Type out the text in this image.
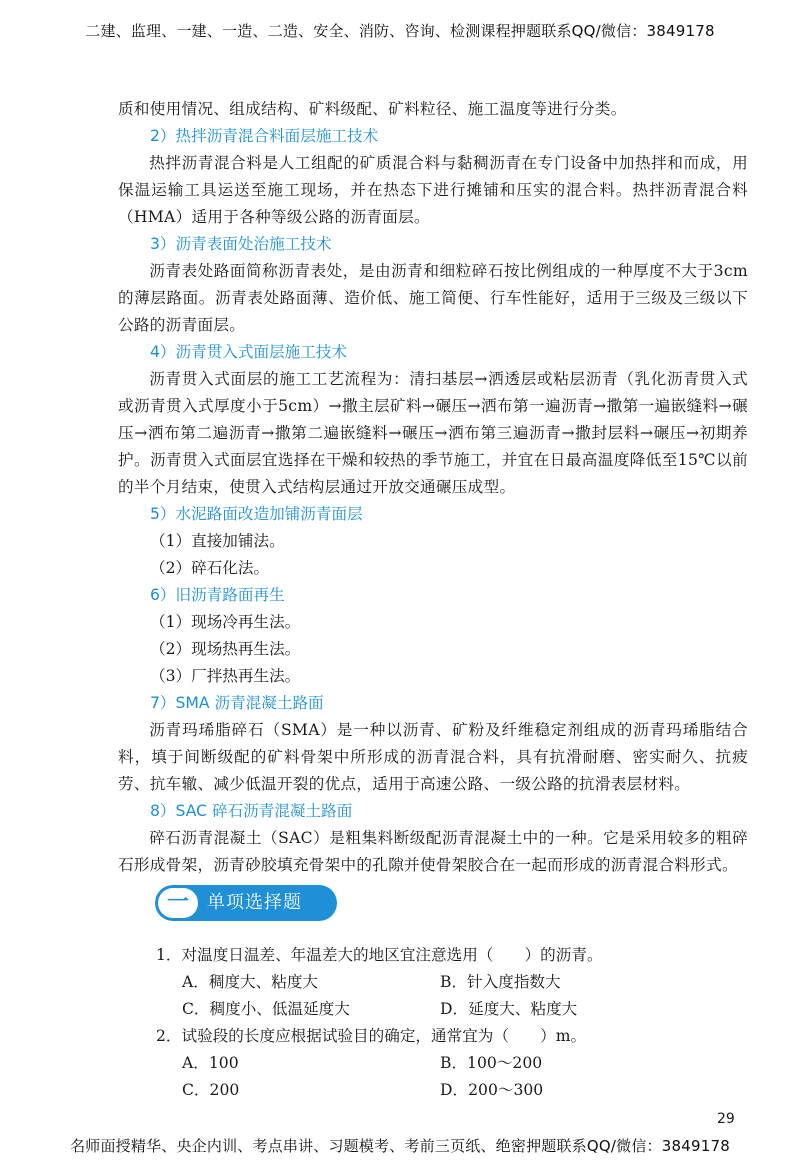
二建、监理、一建、一造、二造、安全、消防、咨询、检测课程押题联系QQ/微信：3849178

质和使用情况、组成结构、矿料级配、矿料粒径、施工温度等进行分类。

2）热拌沥青混合料面层施工技术

热拌沥青混合料是人工组配的矿质混合料与黏稠沥青在专门设备中加热拌和而成，用保温运输工具运送至施工现场，并在热态下进行摊铺和压实的混合料。热拌沥青混合料（HMA）适用于各种等级公路的沥青面层。

3）沥青表面处治施工技术

沥青表处路面简称沥青表处，是由沥青和细粒碎石按比例组成的一种厚度不大于3cm的薄层路面。沥青表处路面薄、造价低、施工简便、行车性能好，适用于三级及三级以下公路的沥青面层。

4）沥青贯入式面层施工技术

沥青贯入式面层的施工工艺流程为：清扫基层→洒透层或粘层沥青（乳化沥青贯入式或沥青贯入式厚度小于5cm）→撒主层矿料→碾压→洒布第一遍沥青→撒第一遍嵌缝料→碾压→洒布第二遍沥青→撒第二遍嵌缝料→碾压→洒布第三遍沥青→撒封层料→碾压→初期养护。沥青贯入式面层宜选择在干燥和较热的季节施工，并宜在日最高温度降低至15℃以前的半个月结束，使贯入式结构层通过开放交通碾压成型。

5）水泥路面改造加铺沥青面层

（1）直接加铺法。

（2）碎石化法。

6）旧沥青路面再生

（1）现场冷再生法。

（2）现场热再生法。

（3）厂拌热再生法。

7）SMA 沥青混凝土路面

沥青玛琋脂碎石（SMA）是一种以沥青、矿粉及纤维稳定剂组成的沥青玛琋脂结合料，填于间断级配的矿料骨架中所形成的沥青混合料，具有抗滑耐磨、密实耐久、抗疲劳、抗车辙、减少低温开裂的优点，适用于高速公路、一级公路的抗滑表层材料。

8）SAC 碎石沥青混凝土路面

碎石沥青混凝土（SAC）是粗集料断级配沥青混凝土中的一种。它是采用较多的粗碎石形成骨架，沥青砂胶填充骨架中的孔隙并使骨架胶合在一起而形成的沥青混合料形式。

一 单项选择题

1．对温度日温差、年温差大的地区宜注意选用（　　）的沥青。

A．稠度大、粘度大	B．针入度指数大
C．稠度小、低温延度大	D．延度大、粘度大

2．试验段的长度应根据试验目的确定，通常宜为（　　）m。

A．100	B．100～200
C．200	D．200～300
29
名师面授精华、央企内训、考点串讲、习题模考、考前三页纸、绝密押题联系QQ/微信：3849178
